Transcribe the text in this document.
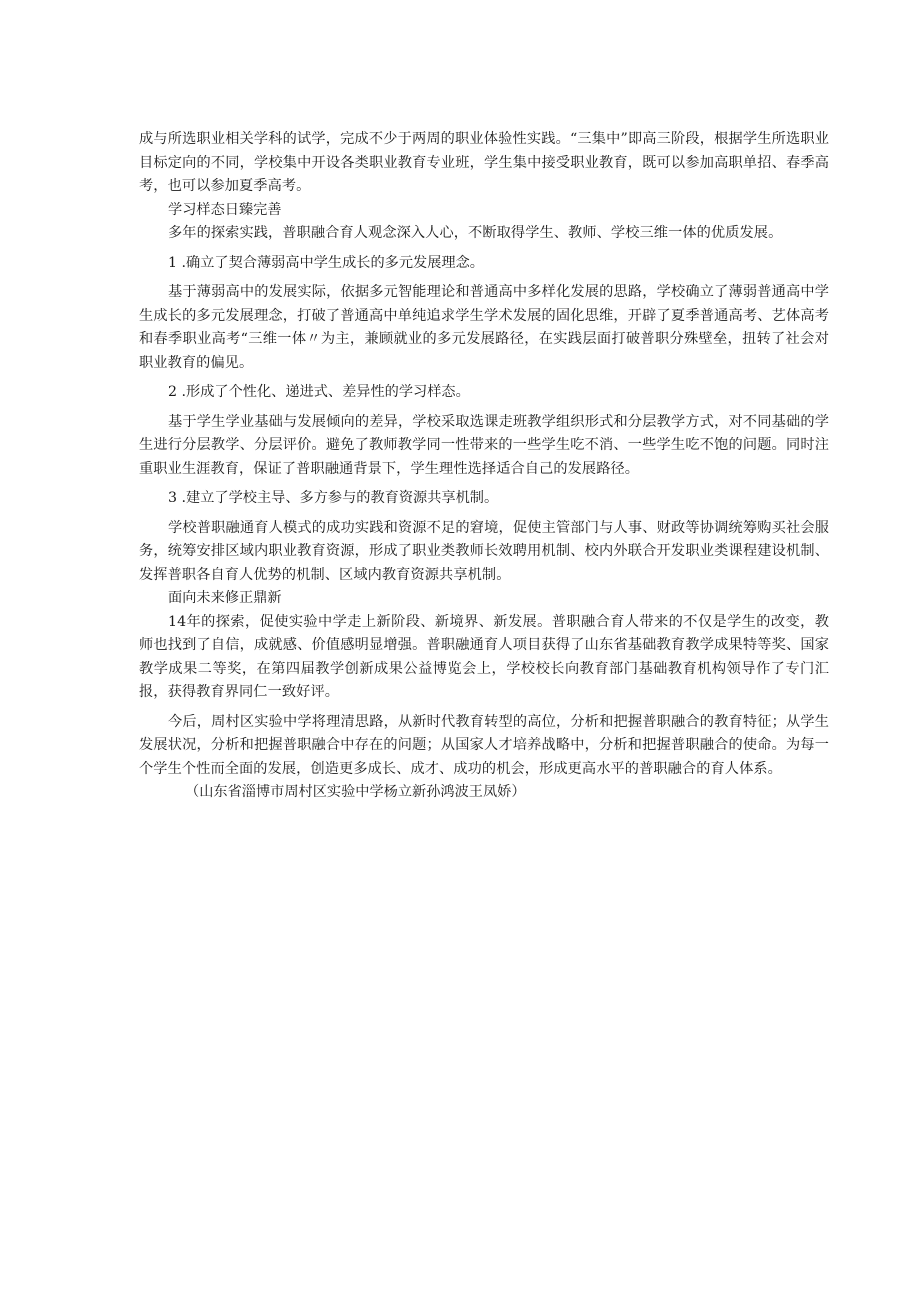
成与所选职业相关学科的试学，完成不少于两周的职业体验性实践。“三集中”即高三阶段，根据学生所选职业目标定向的不同，学校集中开设各类职业教育专业班，学生集中接受职业教育，既可以参加高职单招、春季高考，也可以参加夏季高考。

学习样态日臻完善

多年的探索实践，普职融合育人观念深入人心，不断取得学生、教师、学校三维一体的优质发展。

1 .确立了契合薄弱高中学生成长的多元发展理念。

基于薄弱高中的发展实际，依据多元智能理论和普通高中多样化发展的思路，学校确立了薄弱普通高中学生成长的多元发展理念，打破了普通高中单纯追求学生学术发展的固化思维，开辟了夏季普通高考、艺体高考和春季职业高考“三维一体〃为主，兼顾就业的多元发展路径，在实践层面打破普职分殊壁垒，扭转了社会对职业教育的偏见。

2 .形成了个性化、递进式、差异性的学习样态。

基于学生学业基础与发展倾向的差异，学校采取选课走班教学组织形式和分层教学方式，对不同基础的学生进行分层教学、分层评价。避免了教师教学同一性带来的一些学生吃不消、一些学生吃不饱的问题。同时注重职业生涯教育，保证了普职融通背景下，学生理性选择适合自己的发展路径。

3 .建立了学校主导、多方参与的教育资源共享机制。

学校普职融通育人模式的成功实践和资源不足的窘境，促使主管部门与人事、财政等协调统筹购买社会服务，统筹安排区域内职业教育资源，形成了职业类教师长效聘用机制、校内外联合开发职业类课程建设机制、发挥普职各自育人优势的机制、区域内教育资源共享机制。

面向未来修正鼎新

14年的探索，促使实验中学走上新阶段、新境界、新发展。普职融合育人带来的不仅是学生的改变，教师也找到了自信，成就感、价值感明显增强。普职融通育人项目获得了山东省基础教育教学成果特等奖、国家教学成果二等奖，在第四届教学创新成果公益博览会上，学校校长向教育部门基础教育机构领导作了专门汇报，获得教育界同仁一致好评。

今后，周村区实验中学将理清思路，从新时代教育转型的高位，分析和把握普职融合的教育特征；从学生发展状况，分析和把握普职融合中存在的问题；从国家人才培养战略中，分析和把握普职融合的使命。为每一个学生个性而全面的发展，创造更多成长、成才、成功的机会，形成更高水平的普职融合的育人体系。

（山东省淄博市周村区实验中学杨立新孙鸿波王凤娇）
